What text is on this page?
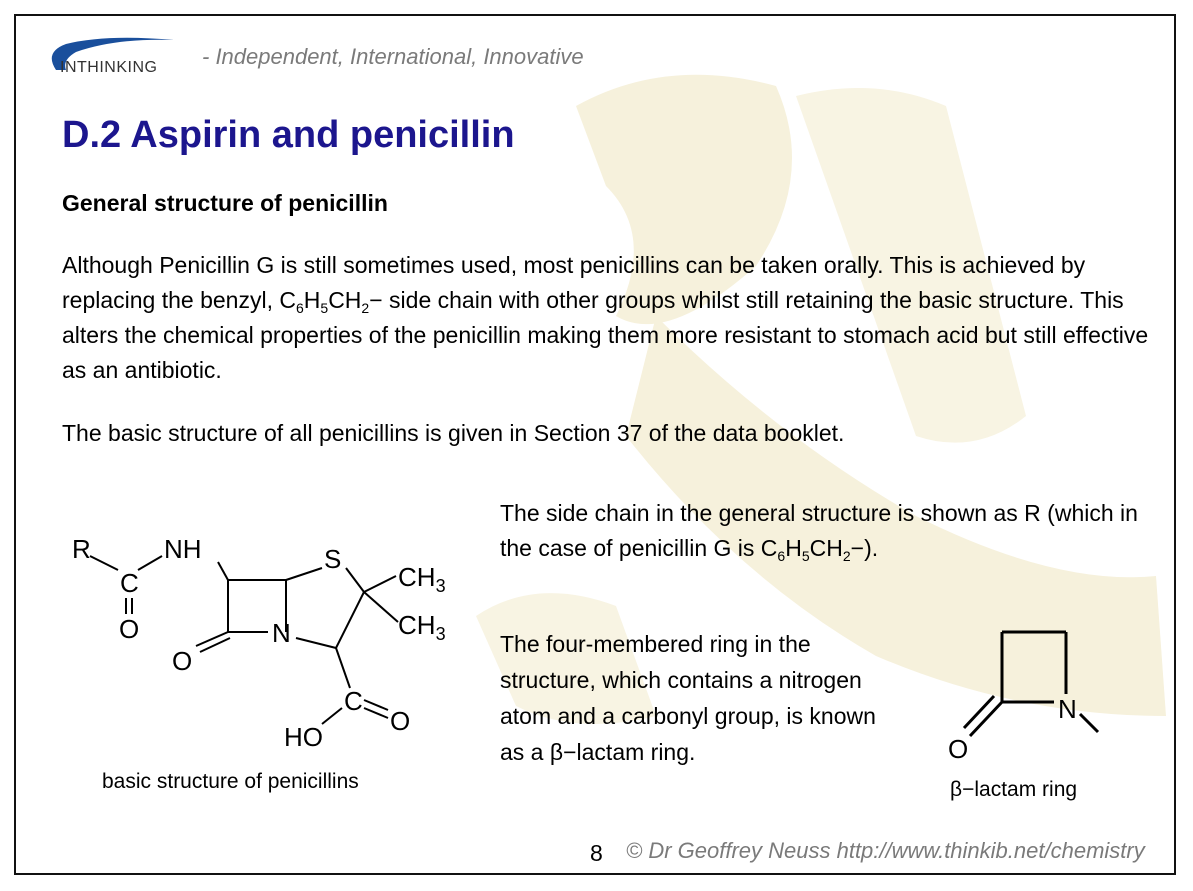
INTHINKING - Independent, International, Innovative
D.2 Aspirin and penicillin
General structure of penicillin

Although Penicillin G is still sometimes used, most penicillins can be taken orally. This is achieved by replacing the benzyl, $C_6H_5CH_2-$ side chain with other groups whilst still retaining the basic structure. This alters the chemical properties of the penicillin making them more resistant to stomach acid but still effective as an antibiotic.

The basic structure of all penicillins is given in Section 37 of the data booklet.

R
C
O
NH	S
$CH_3$
$CH_3$
N
O
C
O
HO
basic structure of penicillins

The side chain in the general structure is shown as R (which in the case of penicillin G is $C_6H_5CH_2-$).

The four-membered ring in the structure, which contains a nitrogen atom and a carbonyl group, is known as a β−lactam ring.

N
O
β−lactam ring
8 © Dr Geoffrey Neuss http://www.thinkib.net/chemistry
